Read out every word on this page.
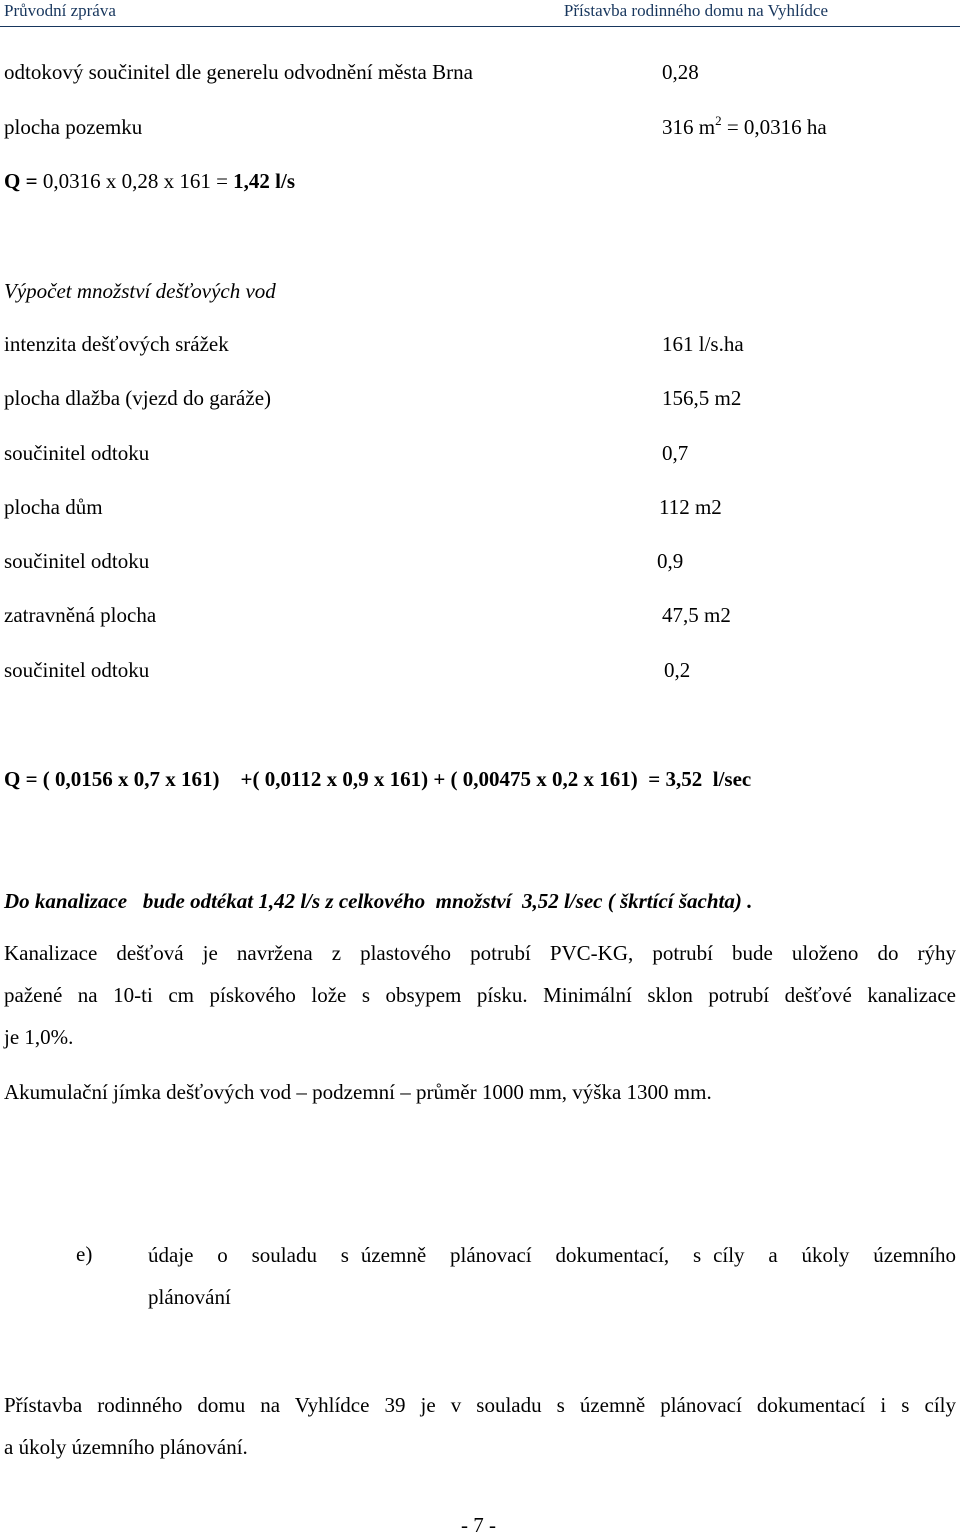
Průvodní zpráva	Přístavba rodinného domu na Vyhlídce
odtokový součinitel dle generelu odvodnění města Brna	0,28
plocha pozemku	316 $m^2 = 0,0316$ ha
Q = 0,0316 x 0,28 x 161 = 1,42 l/s
Výpočet množství dešťových vod
intenzita dešťových srážek	161 l/s.ha
plocha dlažba (vjezd do garáže)	156,5 m2
součinitel odtoku	0,7
plocha dům	112 m2
součinitel odtoku	0,9
zatravněná plocha	47,5 m2
součinitel odtoku	0,2
Q = ( 0,0156 x 0,7 x 161)    +( 0,0112 x 0,9 x 161) + ( 0,00475 x 0,2 x 161)  = 3,52  l/sec
Do kanalizace   bude odtékat 1,42 l/s z celkového  množství  3,52 l/sec ( škrtící šachta) .
Kanalizace dešťová je navržena z plastového potrubí PVC-KG, potrubí bude uloženo do rýhy
pažené na 10-ti cm pískového lože s obsypem písku. Minimální sklon potrubí dešťové kanalizace
je 1,0%.
Akumulační jímka dešťových vod – podzemní – průměr 1000 mm, výška 1300 mm.
e)	údaje  o  souladu  s územně  plánovací  dokumentací,  s cíly  a  úkoly  územního
plánování
Přístavba rodinného domu na Vyhlídce 39 je v souladu s územně plánovací dokumentací i s cíly
a úkoly územního plánování.
- 7 -
